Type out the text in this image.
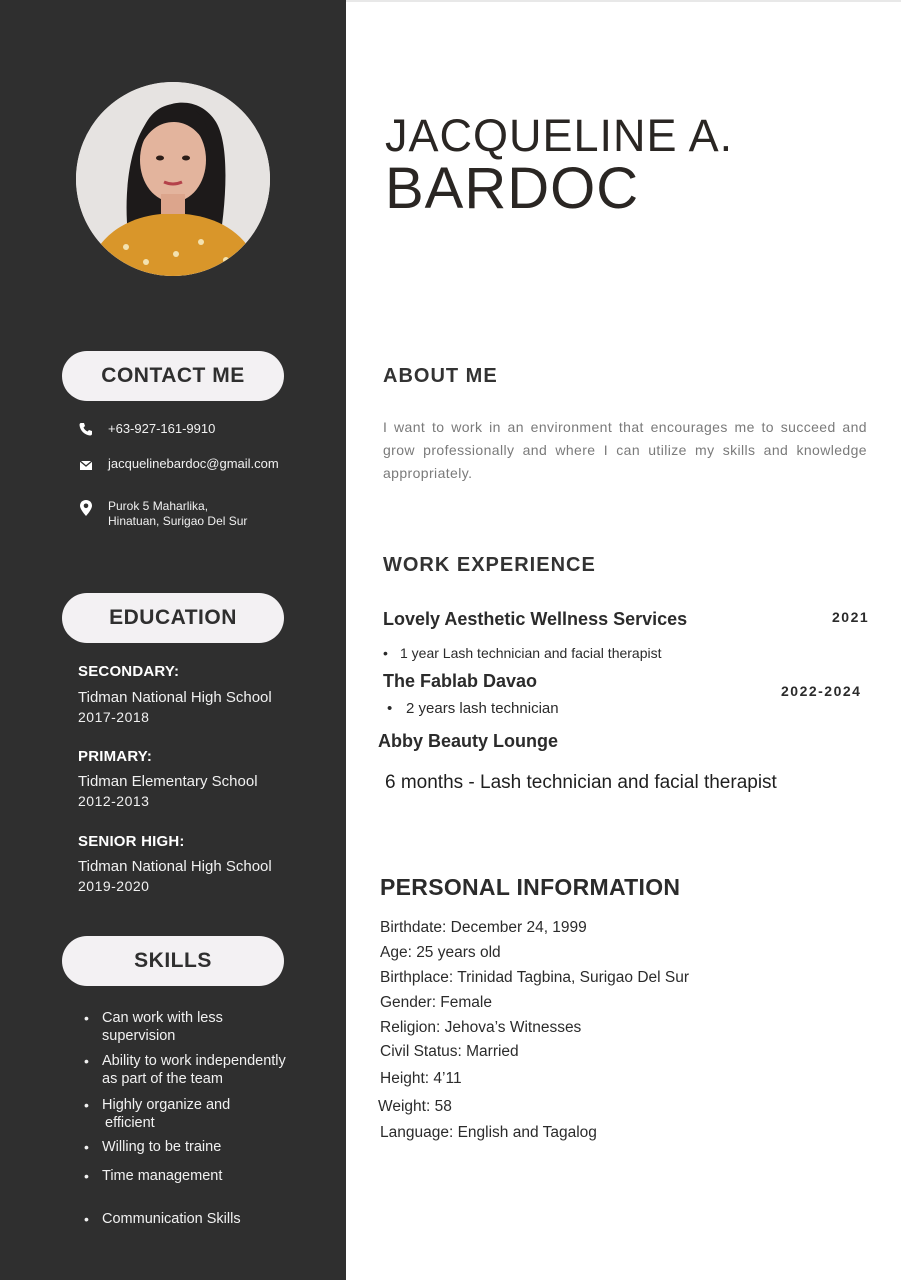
CONTACT ME
+63-927-161-9910
jacquelinebardoc@gmail.com
Purok 5 Maharlika,
Hinatuan, Surigao Del Sur
EDUCATION
SECONDARY:
Tidman National High School
2017-2018
PRIMARY:
Tidman Elementary School
2012-2013
SENIOR HIGH:
Tidman National High School
2019-2020
SKILLS
• Can work with less
supervision
• Ability to work independently
as part of the team
• Highly organize and
efficient
• Willing to be traine
• Time management
• Communication Skills
JACQUELINE A.
BARDOC
ABOUT ME
I want to work in an environment that encourages me to succeed and grow professionally and where I can utilize my skills and knowledge appropriately.
WORK EXPERIENCE
Lovely Aesthetic Wellness Services	2021
• 1 year Lash technician and facial therapist
The Fablab Davao	2022-2024
• 2 years lash technician
Abby Beauty Lounge
6 months - Lash technician and facial therapist
PERSONAL INFORMATION
Birthdate: December 24, 1999
Age: 25 years old
Birthplace: Trinidad Tagbina, Surigao Del Sur
Gender: Female
Religion: Jehova’s Witnesses
Civil Status: Married
Height: 4’11
Weight: 58
Language: English and Tagalog
